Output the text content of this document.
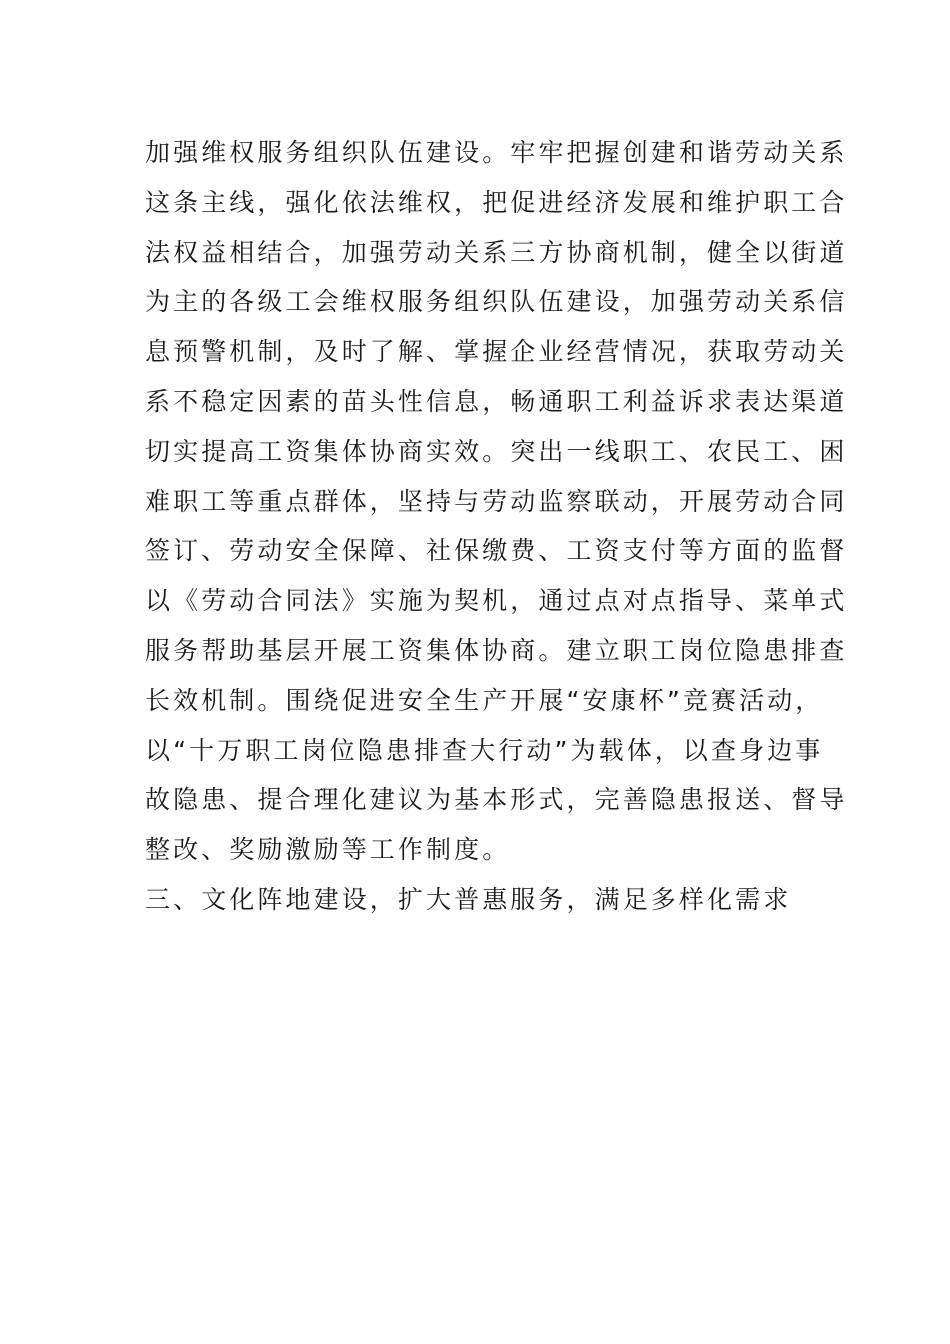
加强维权服务组织队伍建设。牢牢把握创建和谐劳动关系
这条主线，强化依法维权，把促进经济发展和维护职工合
法权益相结合，加强劳动关系三方协商机制，健全以街道
为主的各级工会维权服务组织队伍建设，加强劳动关系信
息预警机制，及时了解、掌握企业经营情况，获取劳动关
系不稳定因素的苗头性信息，畅通职工利益诉求表达渠道
切实提高工资集体协商实效。突出一线职工、农民工、困
难职工等重点群体，坚持与劳动监察联动，开展劳动合同
签订、劳动安全保障、社保缴费、工资支付等方面的监督
以《劳动合同法》实施为契机，通过点对点指导、菜单式
服务帮助基层开展工资集体协商。建立职工岗位隐患排查
长效机制。围绕促进安全生产开展“安康杯”竞赛活动，
以“十万职工岗位隐患排查大行动”为载体，以查身边事
故隐患、提合理化建议为基本形式，完善隐患报送、督导
整改、奖励激励等工作制度。
三、文化阵地建设，扩大普惠服务，满足多样化需求
